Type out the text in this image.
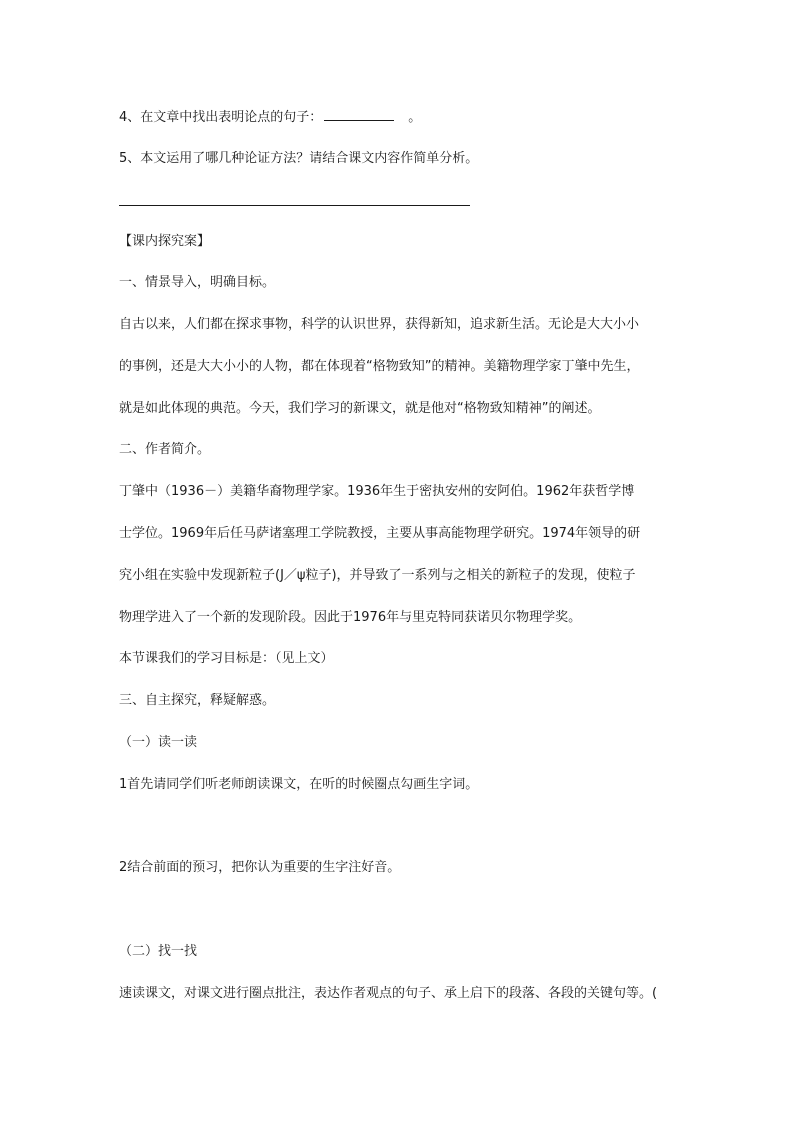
4、在文章中找出表明论点的句子：	。
5、本文运用了哪几种论证方法？请结合课文内容作简单分析。
【课内探究案】
一、情景导入，明确目标。
自古以来，人们都在探求事物，科学的认识世界，获得新知，追求新生活。无论是大大小小
的事例，还是大大小小的人物，都在体现着“格物致知”的精神。美籍物理学家丁肇中先生，
就是如此体现的典范。今天，我们学习的新课文，就是他对“格物致知精神”的阐述。
二、作者简介。
丁肇中（1936－）美籍华裔物理学家。1936年生于密执安州的安阿伯。1962年获哲学博
士学位。1969年后任马萨诸塞理工学院教授，主要从事高能物理学研究。1974年领导的研
究小组在实验中发现新粒子(J／ψ粒子)，并导致了一系列与之相关的新粒子的发现，使粒子
物理学进入了一个新的发现阶段。因此于1976年与里克特同获诺贝尔物理学奖。
本节课我们的学习目标是：（见上文）
三、自主探究，释疑解惑。
（一）读一读
1首先请同学们听老师朗读课文，在听的时候圈点勾画生字词。
2结合前面的预习，把你认为重要的生字注好音。
（二）找一找
速读课文，对课文进行圈点批注，表达作者观点的句子、承上启下的段落、各段的关键句等。(
